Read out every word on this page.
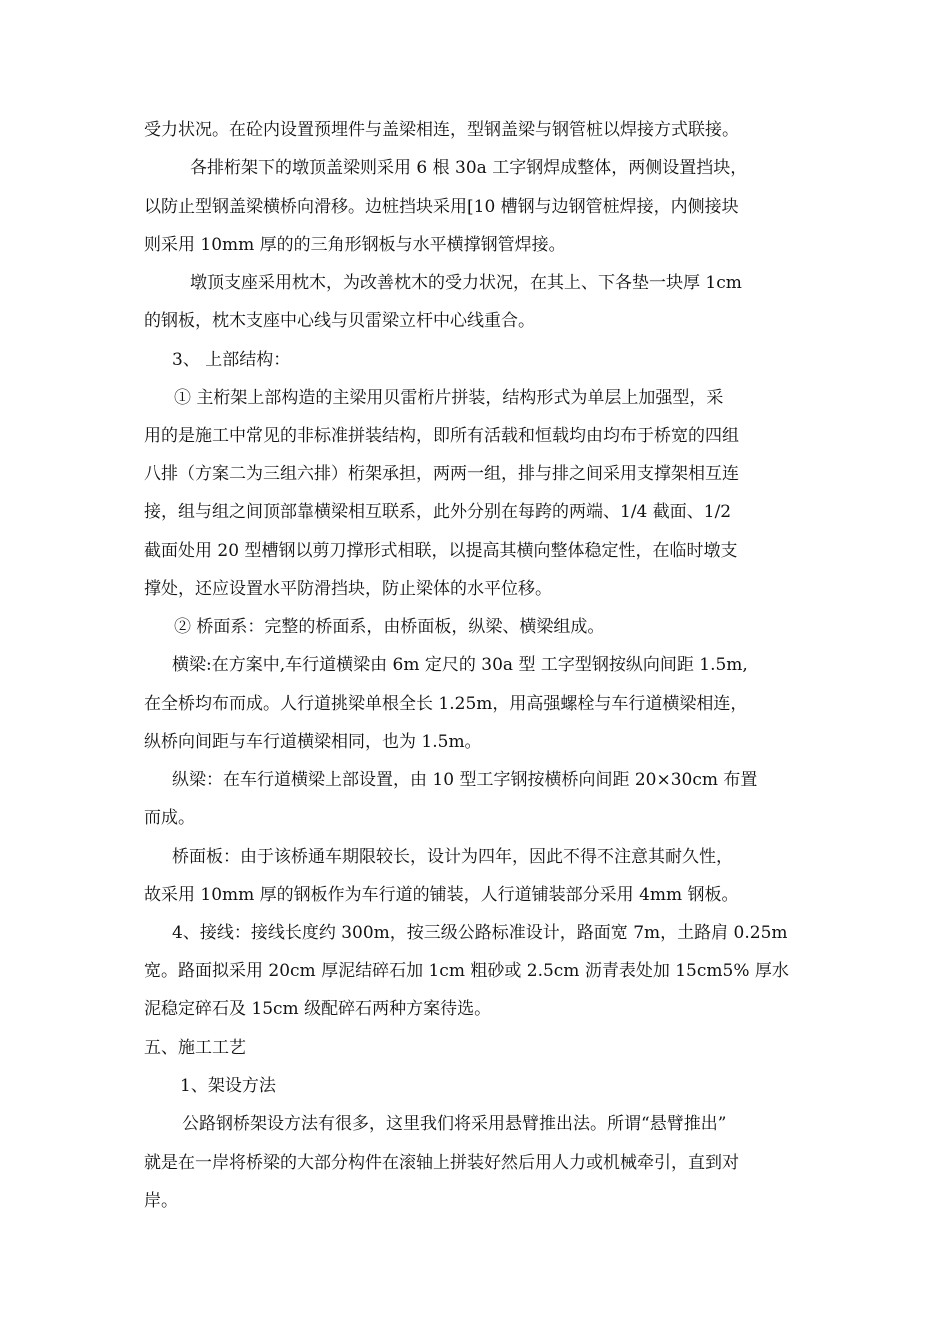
受力状况。在砼内设置预埋件与盖梁相连，型钢盖梁与钢管桩以焊接方式联接。
各排桁架下的墩顶盖梁则采用 6 根 30a 工字钢焊成整体，两侧设置挡块，
以防止型钢盖梁横桥向滑移。边桩挡块采用[10 槽钢与边钢管桩焊接，内侧接块
则采用 10mm 厚的的三角形钢板与水平横撑钢管焊接。
墩顶支座采用枕木，为改善枕木的受力状况，在其上、下各垫一块厚 1cm
的钢板，枕木支座中心线与贝雷梁立杆中心线重合。
3、 上部结构：
① 主桁架上部构造的主梁用贝雷桁片拼装，结构形式为单层上加强型，采
用的是施工中常见的非标准拼装结构，即所有活载和恒载均由均布于桥宽的四组
八排（方案二为三组六排）桁架承担，两两一组，排与排之间采用支撑架相互连
接，组与组之间顶部靠横梁相互联系，此外分别在每跨的两端、1/4 截面、1/2
截面处用 20 型槽钢以剪刀撑形式相联，以提高其横向整体稳定性，在临时墩支
撑处，还应设置水平防滑挡块，防止梁体的水平位移。
② 桥面系：完整的桥面系，由桥面板，纵梁、横梁组成。
横梁:在方案中,车行道横梁由 6m 定尺的 30a 型 工字型钢按纵向间距 1.5m,
在全桥均布而成。人行道挑梁单根全长 1.25m，用高强螺栓与车行道横梁相连，
纵桥向间距与车行道横梁相同，也为 1.5m。
纵梁：在车行道横梁上部设置，由 10 型工字钢按横桥向间距 20×30cm 布置
而成。
桥面板：由于该桥通车期限较长，设计为四年，因此不得不注意其耐久性，
故采用 10mm 厚的钢板作为车行道的铺装，人行道铺装部分采用 4mm 钢板。
4、接线：接线长度约 300m，按三级公路标准设计，路面宽 7m，土路肩 0.25m
宽。路面拟采用 20cm 厚泥结碎石加 1cm 粗砂或 2.5cm 沥青表处加 15cm5% 厚水
泥稳定碎石及 15cm 级配碎石两种方案待选。
五、施工工艺
1、架设方法
公路钢桥架设方法有很多，这里我们将采用悬臂推出法。所谓“悬臂推出”
就是在一岸将桥梁的大部分构件在滚轴上拼装好然后用人力或机械牵引，直到对
岸。
